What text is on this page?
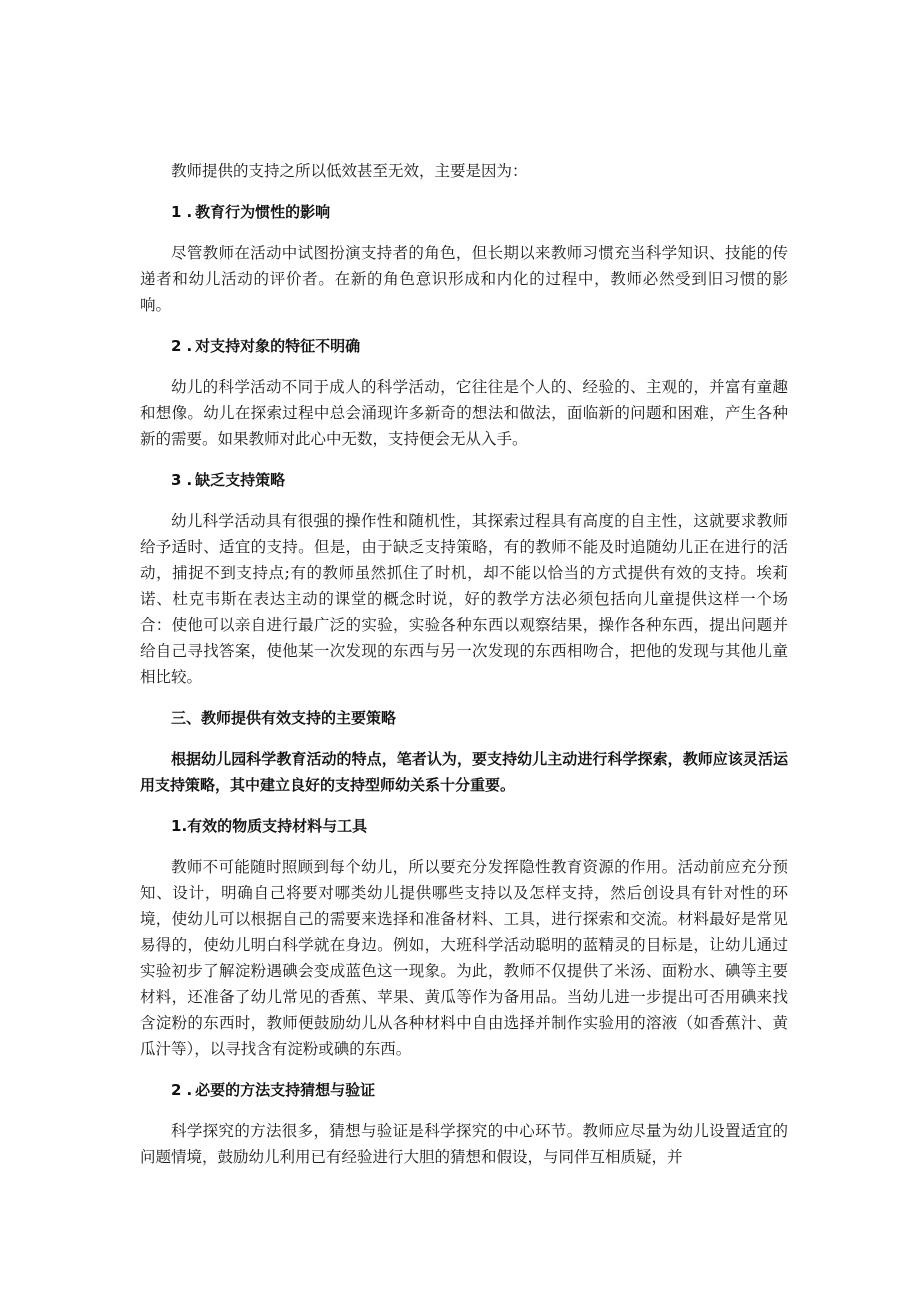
教师提供的支持之所以低效甚至无效，主要是因为：

1 . 教育行为惯性的影响

尽管教师在活动中试图扮演支持者的角色，但长期以来教师习惯充当科学知识、技能的传递者和幼儿活动的评价者。在新的角色意识形成和内化的过程中，教师必然受到旧习惯的影响。

2 . 对支持对象的特征不明确

幼儿的科学活动不同于成人的科学活动，它往往是个人的、经验的、主观的，并富有童趣和想像。幼儿在探索过程中总会涌现许多新奇的想法和做法，面临新的问题和困难，产生各种新的需要。如果教师对此心中无数，支持便会无从入手。

3 . 缺乏支持策略

幼儿科学活动具有很强的操作性和随机性，其探索过程具有高度的自主性，这就要求教师给予适时、适宜的支持。但是，由于缺乏支持策略，有的教师不能及时追随幼儿正在进行的活动，捕捉不到支持点;有的教师虽然抓住了时机，却不能以恰当的方式提供有效的支持。埃莉诺、杜克韦斯在表达主动的课堂的概念时说，好的教学方法必须包括向儿童提供这样一个场合：使他可以亲自进行最广泛的实验，实验各种东西以观察结果，操作各种东西，提出问题并给自己寻找答案，使他某一次发现的东西与另一次发现的东西相吻合，把他的发现与其他儿童相比较。

三、教师提供有效支持的主要策略

根据幼儿园科学教育活动的特点，笔者认为，要支持幼儿主动进行科学探索，教师应该灵活运用支持策略，其中建立良好的支持型师幼关系十分重要。

1.有效的物质支持材料与工具

教师不可能随时照顾到每个幼儿，所以要充分发挥隐性教育资源的作用。活动前应充分预知、设计，明确自己将要对哪类幼儿提供哪些支持以及怎样支持，然后创设具有针对性的环境，使幼儿可以根据自己的需要来选择和准备材料、工具，进行探索和交流。材料最好是常见易得的，使幼儿明白科学就在身边。例如，大班科学活动聪明的蓝精灵的目标是，让幼儿通过实验初步了解淀粉遇碘会变成蓝色这一现象。为此，教师不仅提供了米汤、面粉水、碘等主要材料，还准备了幼儿常见的香蕉、苹果、黄瓜等作为备用品。当幼儿进一步提出可否用碘来找含淀粉的东西时，教师便鼓励幼儿从各种材料中自由选择并制作实验用的溶液（如香蕉汁、黄瓜汁等），以寻找含有淀粉或碘的东西。

2 . 必要的方法支持猜想与验证

科学探究的方法很多，猜想与验证是科学探究的中心环节。教师应尽量为幼儿设置适宜的问题情境，鼓励幼儿利用已有经验进行大胆的猜想和假设，与同伴互相质疑，并
